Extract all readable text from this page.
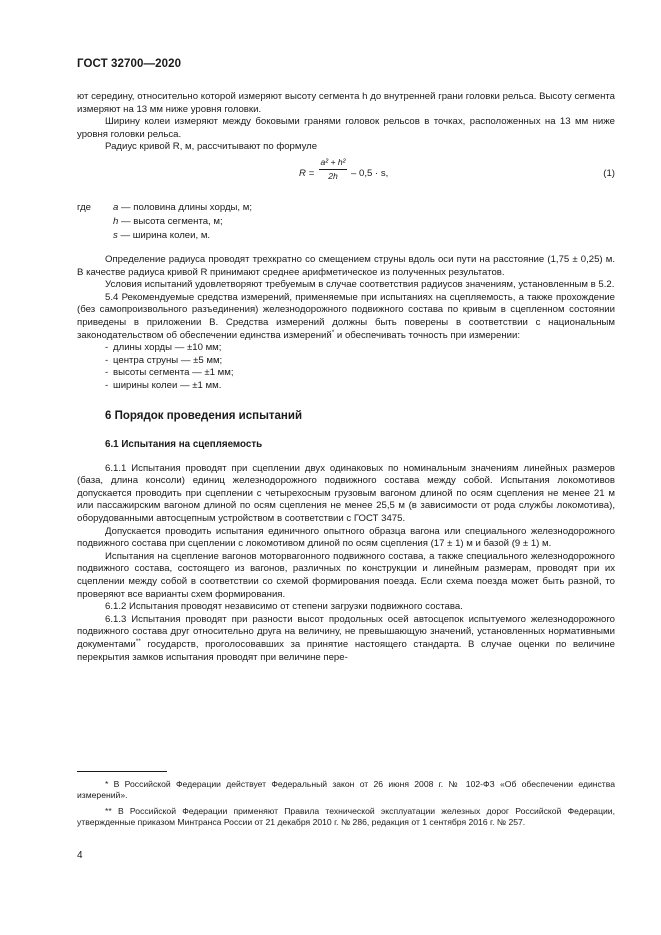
ГОСТ 32700—2020

ют середину, относительно которой измеряют высоту сегмента h до внутренней грани головки рельса. Высоту сегмента измеряют на 13 мм ниже уровня головки.

Ширину колеи измеряют между боковыми гранями головок рельсов в точках, расположенных на 13 мм ниже уровня головки рельса.

Радиус кривой R, м, рассчитывают по формуле

$R = \frac{\text{a² + h²}}{2h} - 0,5 \cdot s$,	(1)
где a — половина длины хорды, м;
h — высота сегмента, м;
s — ширина колеи, м.

Определение радиуса проводят трехкратно со смещением струны вдоль оси пути на расстояние (1,75 ± 0,25) м. В качестве радиуса кривой R принимают среднее арифметическое из полученных результатов.

Условия испытаний удовлетворяют требуемым в случае соответствия радиусов значениям, установленным в 5.2.

5.4 Рекомендуемые средства измерений, применяемые при испытаниях на сцепляемость, а также прохождение (без самопроизвольного разъединения) железнодорожного подвижного состава по кривым в сцепленном состоянии приведены в приложении В. Средства измерений должны быть поверены в соответствии с национальным законодательством об обеспечении единства измерений* и обеспечивать точность при измерении:

- длины хорды — ±10 мм;
- центра струны — ±5 мм;
- высоты сегмента — ±1 мм;
- ширины колеи — ±1 мм.
6 Порядок проведения испытаний
6.1 Испытания на сцепляемость

6.1.1 Испытания проводят при сцеплении двух одинаковых по номинальным значениям линейных размеров (база, длина консоли) единиц железнодорожного подвижного состава между собой. Испытания локомотивов допускается проводить при сцеплении с четырехосным грузовым вагоном длиной по осям сцепления не менее 21 м или пассажирским вагоном длиной по осям сцепления не менее 25,5 м (в зависимости от рода службы локомотива), оборудованными автосцепным устройством в соответствии с ГОСТ 3475.

Допускается проводить испытания единичного опытного образца вагона или специального железнодорожного подвижного состава при сцеплении с локомотивом длиной по осям сцепления (17 ± 1) м и базой (9 ± 1) м.

Испытания на сцепление вагонов моторвагонного подвижного состава, а также специального железнодорожного подвижного состава, состоящего из вагонов, различных по конструкции и линейным размерам, проводят при их сцеплении между собой в соответствии со схемой формирования поезда. Если схема поезда может быть разной, то проверяют все варианты схем формирования.

6.1.2 Испытания проводят независимо от степени загрузки подвижного состава.

6.1.3 Испытания проводят при разности высот продольных осей автосцепок испытуемого железнодорожного подвижного состава друг относительно друга на величину, не превышающую значений, установленных нормативными документами** государств, проголосовавших за принятие настоящего стандарта. В случае оценки по величине перекрытия замков испытания проводят при величине пере-

* В Российской Федерации действует Федеральный закон от 26 июня 2008 г. № 102-ФЗ «Об обеспечении единства измерений».

** В Российской Федерации применяют Правила технической эксплуатации железных дорог Российской Федерации, утвержденные приказом Минтранса России от 21 декабря 2010 г. № 286, редакция от 1 сентября 2016 г. № 257.

4
